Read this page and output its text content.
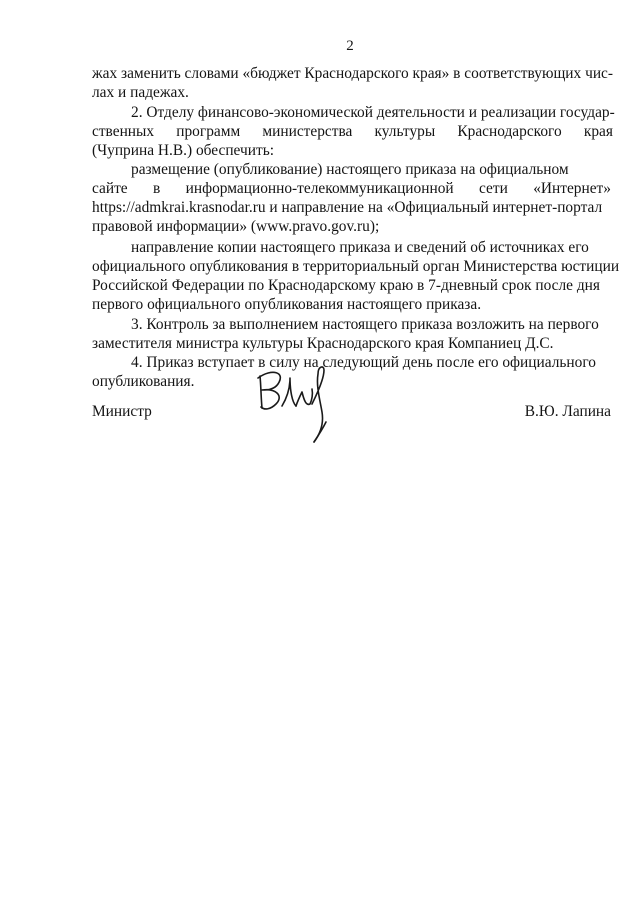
2
жах заменить словами «бюджет Краснодарского края» в соответствующих чис-
лах и падежах.
2. Отделу финансово-экономической деятельности и реализации государ-
ственных программ министерства культуры Краснодарского края
(Чуприна Н.В.) обеспечить:
размещение (опубликование) настоящего приказа на официальном
сайте в информационно-телекоммуникационной сети «Интернет»
https://admkrai.krasnodar.ru и направление на «Официальный интернет-портал
правовой информации» (www.pravo.gov.ru);
направление копии настоящего приказа и сведений об источниках его
официального опубликования в территориальный орган Министерства юстиции
Российской Федерации по Краснодарскому краю в 7-дневный срок после дня
первого официального опубликования настоящего приказа.
3. Контроль за выполнением настоящего приказа возложить на первого
заместителя министра культуры Краснодарского края Компаниец Д.С.
4. Приказ вступает в силу на следующий день после его официального
опубликования.
Министр	В.Ю. Лапина
